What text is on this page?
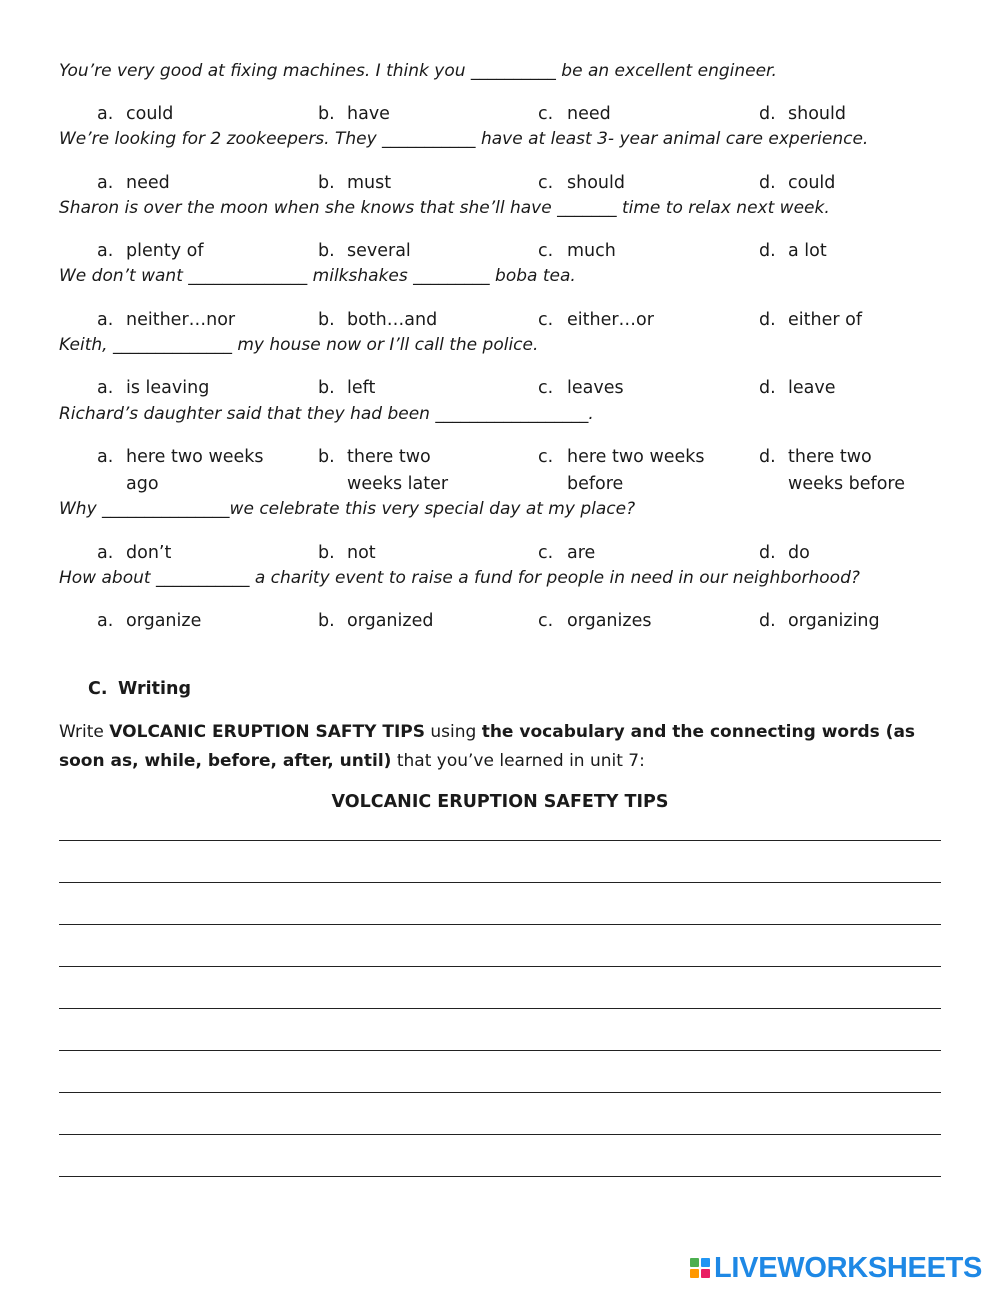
You’re very good at fixing machines. I think you __________ be an excellent engineer.
a. could	b. have	c. need	d. should
We’re looking for 2 zookeepers. They ___________ have at least 3- year animal care experience.
a. need	b. must	c. should	d. could
Sharon is over the moon when she knows that she’ll have _______ time to relax next week.
a. plenty of	b. several	c. much	d. a lot
We don’t want ______________ milkshakes _________ boba tea.
a. neither…nor	b. both…and	c. either…or	d. either of
Keith, ______________ my house now or I’ll call the police.
a. is leaving	b. left	c. leaves	d. leave
Richard’s daughter said that they had been __________________.
a. here two weeks ago
b. there two weeks later
c. here two weeks before
d. there two weeks before
Why _______________we celebrate this very special day at my place?
a. don’t	b. not	c. are	d. do
How about ___________ a charity event to raise a fund for people in need in our neighborhood?
a. organize	b. organized	c. organizes	d. organizing
C. Writing
Write VOLCANIC ERUPTION SAFTY TIPS using the vocabulary and the connecting words (as soon as, while, before, after, until) that you’ve learned in unit 7:
VOLCANIC ERUPTION SAFETY TIPS
LIVEWORKSHEETS
